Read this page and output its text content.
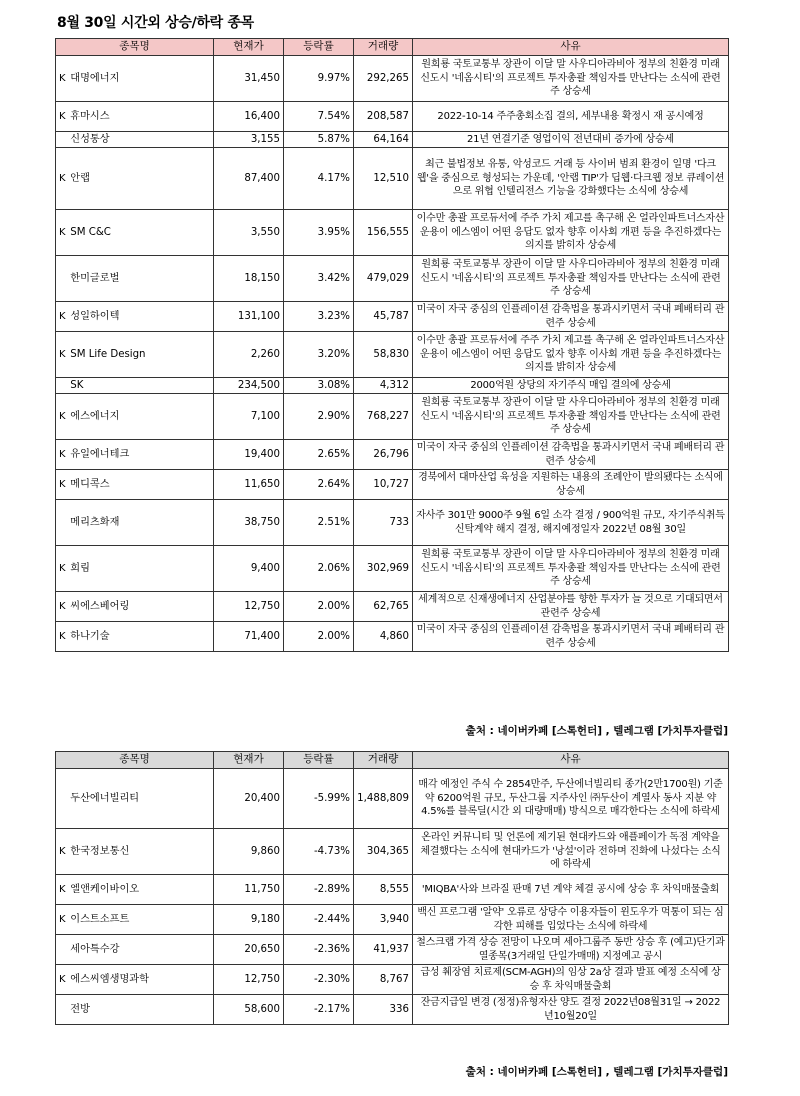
8월 30일 시간외 상승/하락 종목
종목명	현재가	등락률	거래량	사유
K 대명에너지	31,450	9.97%	292,265	원희룡 국토교통부 장관이 이달 말 사우디아라비아 정부의 친환경 미래 신도시 '네옴시티'의 프로젝트 투자총괄 책임자를 만난다는 소식에 관련주 상승세
K 휴마시스	16,400	7.54%	208,587	2022-10-14 주주총회소집 결의, 세부내용 확정시 재 공시예정
신성통상	3,155	5.87%	64,164	21년 연결기준 영업이익 전년대비 증가에 상승세
K 안랩	87,400	4.17%	12,510	최근 불법정보 유통, 악성코드 거래 등 사이버 범죄 환경이 일명 '다크웹'을 중심으로 형성되는 가운데, '안랩 TIP'가 딥웹·다크웹 정보 큐레이션으로 위협 인텔리전스 기능을 강화했다는 소식에 상승세
K SM C&C	3,550	3.95%	156,555	이수만 총괄 프로듀서에 주주 가치 제고를 촉구해 온 얼라인파트너스자산운용이 에스엠이 어떤 응답도 없자 향후 이사회 개편 등을 추진하겠다는 의지를 밝히자 상승세
한미글로벌	18,150	3.42%	479,029	원희룡 국토교통부 장관이 이달 말 사우디아라비아 정부의 친환경 미래 신도시 '네옴시티'의 프로젝트 투자총괄 책임자를 만난다는 소식에 관련주 상승세
K 성일하이텍	131,100	3.23%	45,787	미국이 자국 중심의 인플레이션 감축법을 통과시키면서 국내 폐배터리 관련주 상승세
K SM Life Design	2,260	3.20%	58,830	이수만 총괄 프로듀서에 주주 가치 제고를 촉구해 온 얼라인파트너스자산운용이 에스엠이 어떤 응답도 없자 향후 이사회 개편 등을 추진하겠다는 의지를 밝히자 상승세
SK	234,500	3.08%	4,312	2000억원 상당의 자기주식 매입 결의에 상승세
K 에스에너지	7,100	2.90%	768,227	원희룡 국토교통부 장관이 이달 말 사우디아라비아 정부의 친환경 미래 신도시 '네옴시티'의 프로젝트 투자총괄 책임자를 만난다는 소식에 관련주 상승세
K 유일에너테크	19,400	2.65%	26,796	미국이 자국 중심의 인플레이션 감축법을 통과시키면서 국내 폐배터리 관련주 상승세
K 메디콕스	11,650	2.64%	10,727	경북에서 대마산업 육성을 지원하는 내용의 조례안이 발의됐다는 소식에 상승세
메리츠화재	38,750	2.51%	733	자사주 301만 9000주 9월 6일 소각 결정 / 900억원 규모, 자기주식취득 신탁계약 해지 결정, 해지예정일자 2022년 08월 30일
K 희림	9,400	2.06%	302,969	원희룡 국토교통부 장관이 이달 말 사우디아라비아 정부의 친환경 미래 신도시 '네옴시티'의 프로젝트 투자총괄 책임자를 만난다는 소식에 관련주 상승세
K 씨에스베어링	12,750	2.00%	62,765	세계적으로 신재생에너지 산업분야를 향한 투자가 늘 것으로 기대되면서 관련주 상승세
K 하나기술	71,400	2.00%	4,860	미국이 자국 중심의 인플레이션 감축법을 통과시키면서 국내 폐배터리 관련주 상승세
출처 : 네이버카페 [스톡헌터] , 텔레그램 [가치투자클럽]
종목명	현재가	등락률	거래량	사유
두산에너빌리티	20,400	-5.99%	1,488,809	매각 예정인 주식 수 2854만주, 두산에너빌리티 종가(2만1700원) 기준 약 6200억원 규모, 두산그룹 지주사인 ㈜두산이 계열사 동사 지분 약 4.5%를 블록딜(시간 외 대량매매) 방식으로 매각한다는 소식에 하락세
K 한국정보통신	9,860	-4.73%	304,365	온라인 커뮤니티 및 언론에 제기된 현대카드와 애플페이가 독점 계약을 체결했다는 소식에 현대카드가 '낭설'이라 전하며 진화에 나섰다는 소식에 하락세
K 엘앤케이바이오	11,750	-2.89%	8,555	'MIQBA'사와 브라질 판매 7년 계약 체결 공시에 상승 후 차익매물출회
K 이스트소프트	9,180	-2.44%	3,940	백신 프로그램 '알약' 오류로 상당수 이용자들이 윈도우가 먹통이 되는 심각한 피해를 입었다는 소식에 하락세
세아특수강	20,650	-2.36%	41,937	철스크랩 가격 상승 전망이 나오며 세아그룹주 동반 상승 후 (예고)단기과열종목(3거래일 단일가매매) 지정예고 공시
K 에스씨엠생명과학	12,750	-2.30%	8,767	급성 췌장염 치료제(SCM-AGH)의 임상 2a상 결과 발표 예정 소식에 상승 후 차익매물출회
전방	58,600	-2.17%	336	잔금지급일 변경 (정정)유형자산 양도 결정 2022년08월31일 → 2022년10월20일
출처 : 네이버카페 [스톡헌터] , 텔레그램 [가치투자클럽]
